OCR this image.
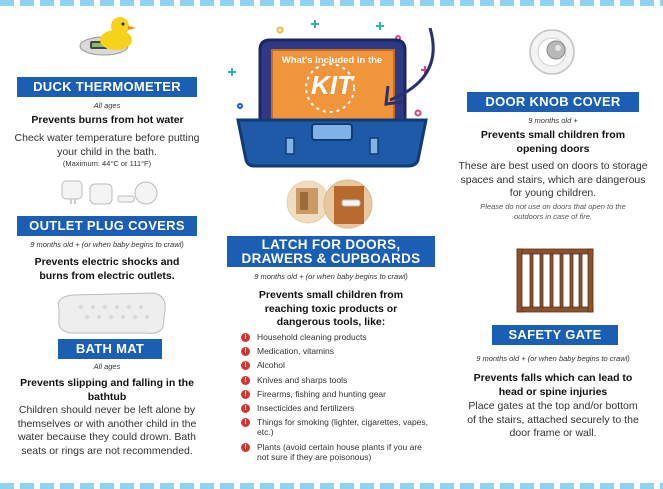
DUCK THERMOMETER
All ages
Prevents burns from hot water
Check water temperature before putting your child in the bath.
(Maximum: 44°C or 111°F)
OUTLET PLUG COVERS
9 months old + (or when baby begins to crawl)
Prevents electric shocks and burns from electric outlets.
BATH MAT
All ages
Prevents slipping and falling in the bathtub
Children should never be left alone by themselves or with another child in the water because they could drown. Bath seats or rings are not recommended.
What's included in the
KIT
LATCH FOR DOORS,
DRAWERS & CUPBOARDS
9 months old + (or when baby begins to crawl)
Prevents small children from reaching toxic products or dangerous tools, like:
!	Household cleaning products
!	Medication, vitamins
!	Alcohol
!	Knives and sharps tools
!	Firearms, fishing and hunting gear
!	Insecticides and fertilizers
!	Things for smoking (lighter, cigarettes, vapes, etc.)
!	Plants (avoid certain house plants if you are not sure if they are poisonous)
DOOR KNOB COVER
9 months old +
Prevents small children from opening doors
These are best used on doors to storage spaces and stairs, which are dangerous for young children.
Please do not use on doors that open to the outdoors in case of fire.
SAFETY GATE
9 months old + (or when baby begins to crawl)
Prevents falls which can lead to head or spine injuries
Place gates at the top and/or bottom of the stairs, attached securely to the door frame or wall.
